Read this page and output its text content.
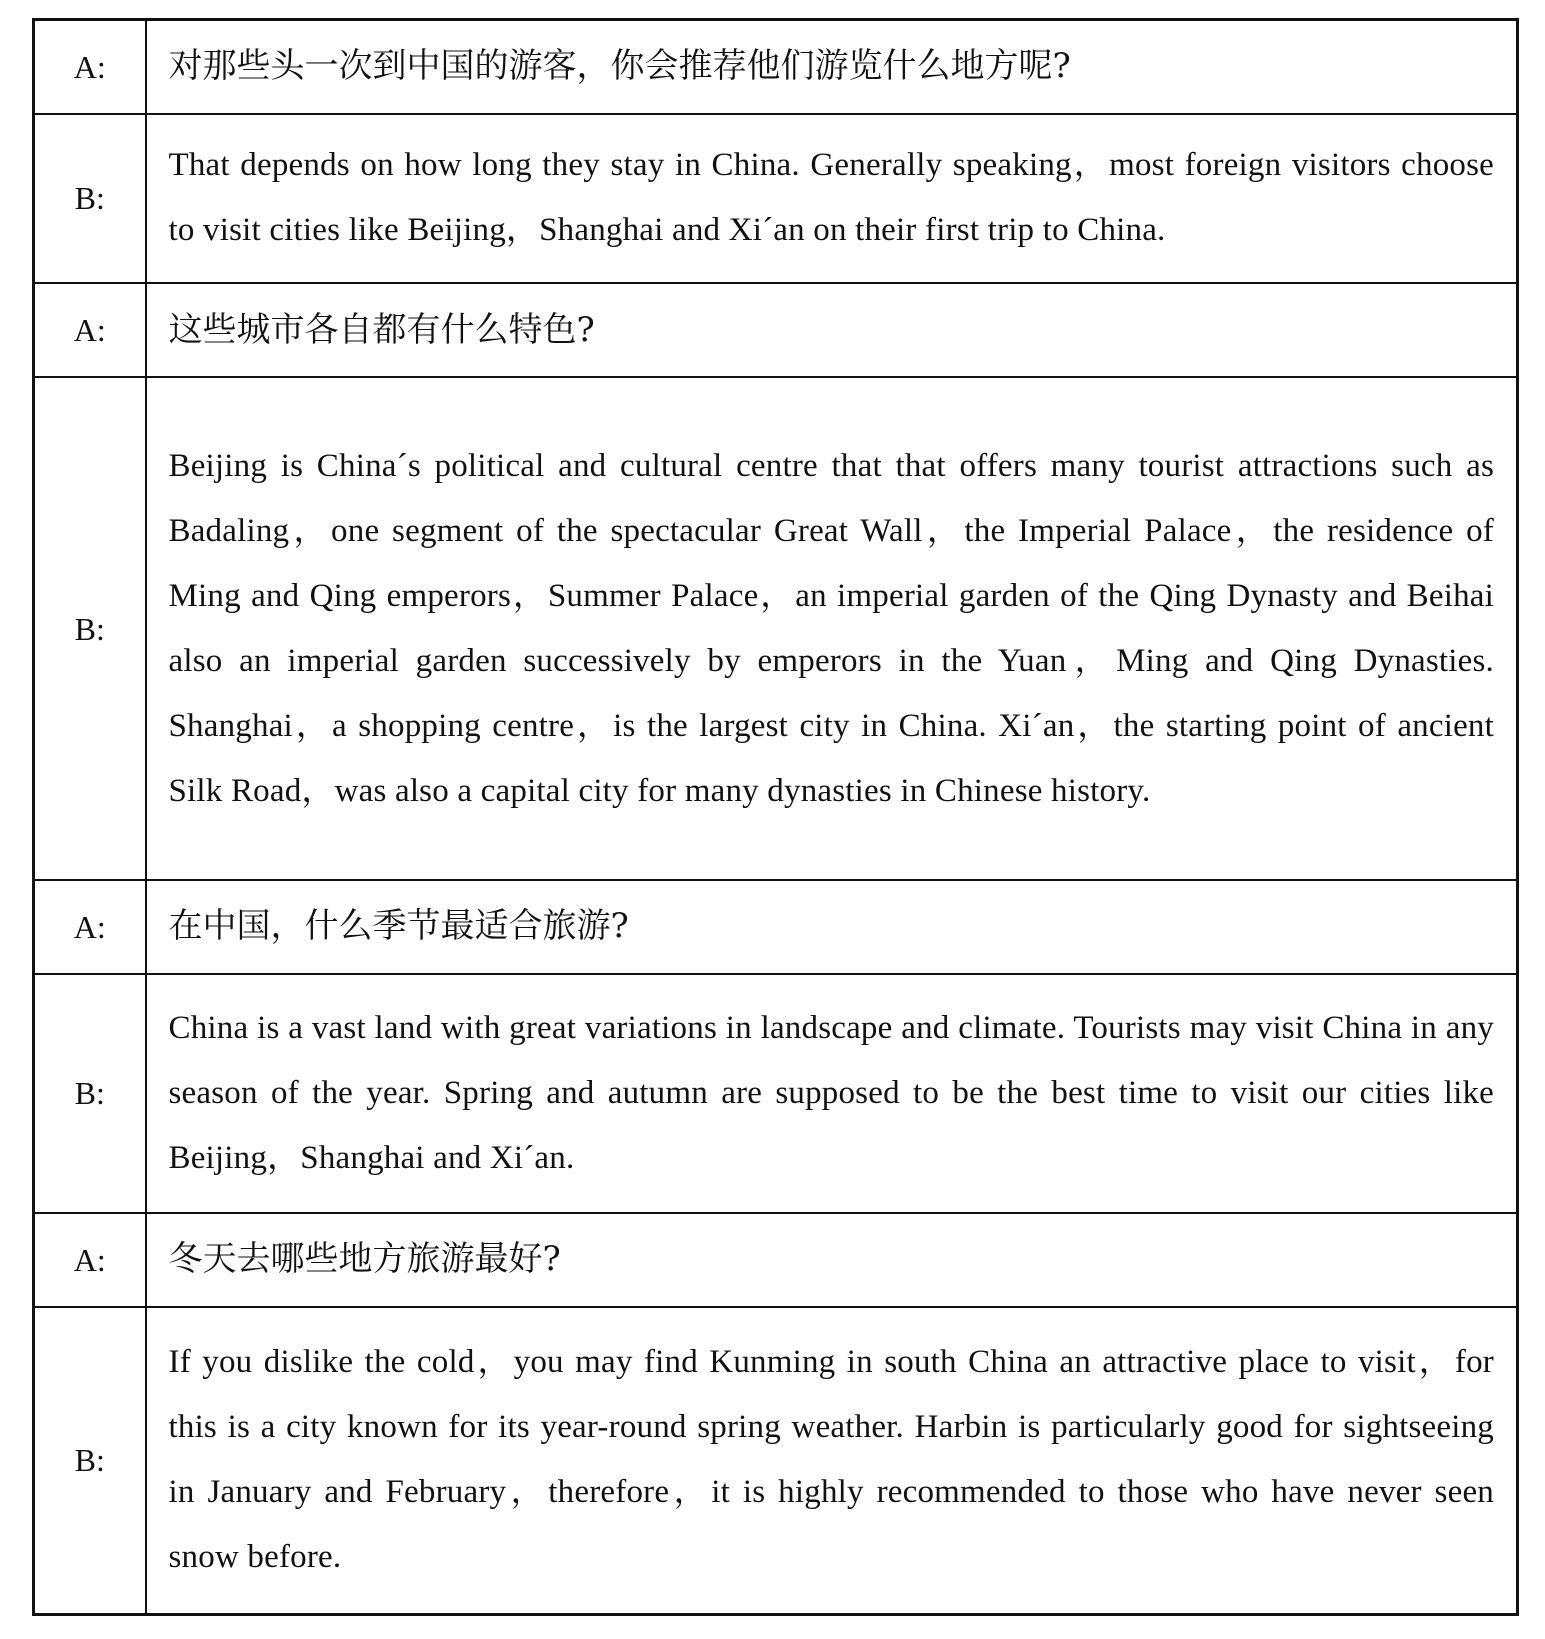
A:	对那些头一次到中国的游客，你会推荐他们游览什么地方呢?

B:	That depends on how long they stay in China. Generally speaking，most foreign visitors choose to visit cities like Beijing，Shanghai and Xi´an on their first trip to China.

A:	这些城市各自都有什么特色?

B:	Beijing is China´s political and cultural centre that that offers many tourist attractions such as Badaling，one segment of the spectacular Great Wall，the Imperial Palace，the residence of Ming and Qing emperors，Summer Palace，an imperial garden of the Qing Dynasty and Beihai also an imperial garden successively by emperors in the Yuan，Ming and Qing Dynasties. Shanghai，a shopping centre，is the largest city in China. Xi´an，the starting point of ancient Silk Road，was also a capital city for many dynasties in Chinese history.

A:	在中国，什么季节最适合旅游?

B:	China is a vast land with great variations in landscape and climate. Tourists may visit China in any season of the year. Spring and autumn are supposed to be the best time to visit our cities like Beijing，Shanghai and Xi´an.

A:	冬天去哪些地方旅游最好?

B:	If you dislike the cold，you may find Kunming in south China an attractive place to visit，for this is a city known for its year-round spring weather. Harbin is particularly good for sightseeing in January and February，therefore，it is highly recommended to those who have never seen snow before.
